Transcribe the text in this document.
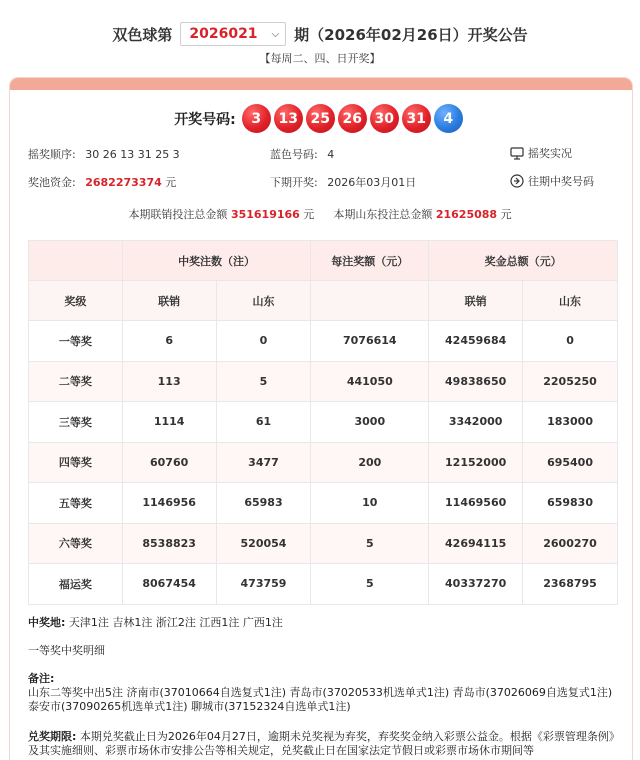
双色球第 2026021 ⌵ 期（2026年02月26日）开奖公告
【每周二、四、日开奖】
开奖号码:	3	13 25 26 30 31	4
摇奖顺序: 30 26 13 31 25 3	蓝色号码: 4	摇奖实况
奖池资金: 2682273374 元	下期开奖: 2026年03月01日	往期中奖号码
本期联销投注总金额 351619166 元 本期山东投注总金额 21625088 元
	中奖注数（注）		每注奖额（元）	奖金总额（元）	
奖级	联销	山东		联销	山东
一等奖	6	0	7076614	42459684	0
二等奖	113	5	441050	49838650	2205250
三等奖	1114	61	3000	3342000	183000
四等奖	60760	3477	200	12152000	695400
五等奖	1146956	65983	10	11469560	659830
六等奖	8538823	520054	5	42694115	2600270
福运奖	8067454	473759	5	40337270	2368795
中奖地: 天津1注 吉林1注 浙江2注 江西1注 广西1注
一等奖中奖明细
备注:
山东二等奖中出5注 济南市(37010664自选复式1注) 青岛市(37020533机选单式1注) 青岛市(37026069自选复式1注) 泰安市(37090265机选单式1注) 聊城市(37152324自选单式1注)
兑奖期限: 本期兑奖截止日为2026年04月27日，逾期未兑奖视为弃奖，弃奖奖金纳入彩票公益金。根据《彩票管理条例》及其实施细则、彩票市场休市安排公告等相关规定，兑奖截止日在国家法定节假日或彩票市场休市期间等
